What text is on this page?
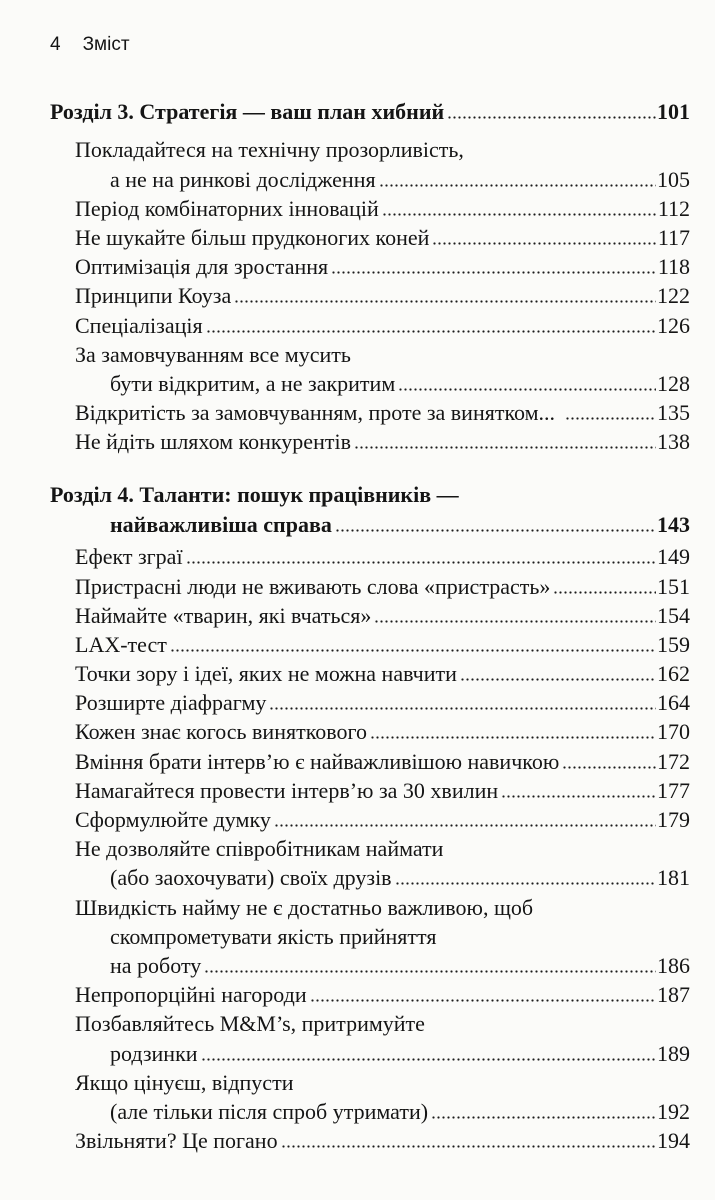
4 Зміст
Розділ 3. Стратегія — ваш план хибний	101
Покладайтеся на технічну прозорливість,
а не на ринкові дослідження	105
Період комбінаторних інновацій	112
Не шукайте більш прудконогих коней	117
Оптимізація для зростання	118
Принципи Коуза	122
Спеціалізація	126
За замовчуванням все мусить
бути відкритим, а не закритим	128
Відкритість за замовчуванням, проте за винятком...	135
Не йдіть шляхом конкурентів	138
Розділ 4. Таланти: пошук працівників —
найважливіша справа	143
Ефект зграї	149
Пристрасні люди не вживають слова «пристрасть»	151
Наймайте «тварин, які вчаться»	154
LAX-тест	159
Точки зору і ідеї, яких не можна навчити	162
Розширте діафрагму	164
Кожен знає когось виняткового	170
Вміння брати інтерв’ю є найважливішою навичкою	172
Намагайтеся провести інтерв’ю за 30 хвилин	177
Сформулюйте думку	179
Не дозволяйте співробітникам наймати
(або заохочувати) своїх друзів	181
Швидкість найму не є достатньо важливою, щоб
скомпрометувати якість прийняття
на роботу	186
Непропорційні нагороди	187
Позбавляйтесь M&M’s, притримуйте
родзинки	189
Якщо цінуєш, відпусти
(але тільки після спроб утримати)	192
Звільняти? Це погано	194
